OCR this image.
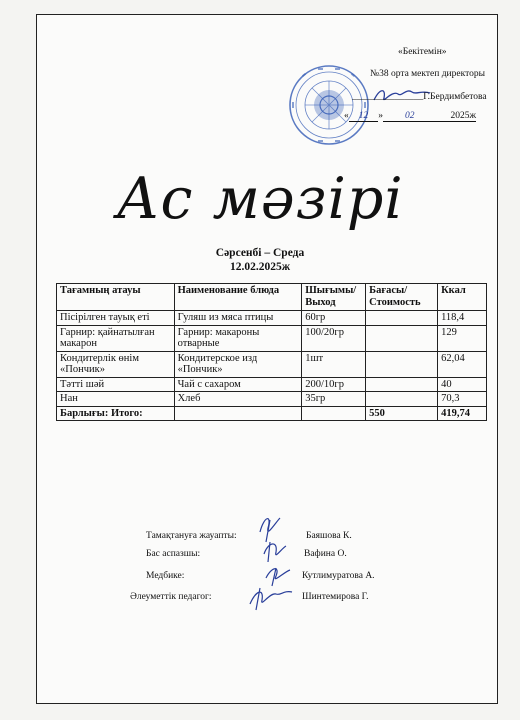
«Бекітемін»
№38 орта мектеп директоры
_______________Г.Бердимбетова
« 12 » 02	2025ж
Ас мәзірі
Сәрсенбі – Среда
12.02.2025ж
Тағамның атауы	Наименование блюда	Шығымы/ Выход	Бағасы/ Стоимость	Ккал
Пісірілген тауық еті	Гуляш из мяса птицы	60гр		118,4
Гарнир: қайнатылған макарон	Гарнир: макароны отварные	100/20гр		129
Кондитерлік өнім «Пончик»	Кондитерское изд «Пончик»	1шт		62,04
Тәтті шәй	Чай с сахаром	200/10гр		40
Нан	Хлеб	35гр		70,3
Барлығы: Итого:			550	419,74
Тамақтануға жауапты:	Баяшова К.
Бас аспазшы:	Вафина О.
Медбике:	Кутлимуратова А.
Әлеуметтік педагог:	Шинтемирова Г.
